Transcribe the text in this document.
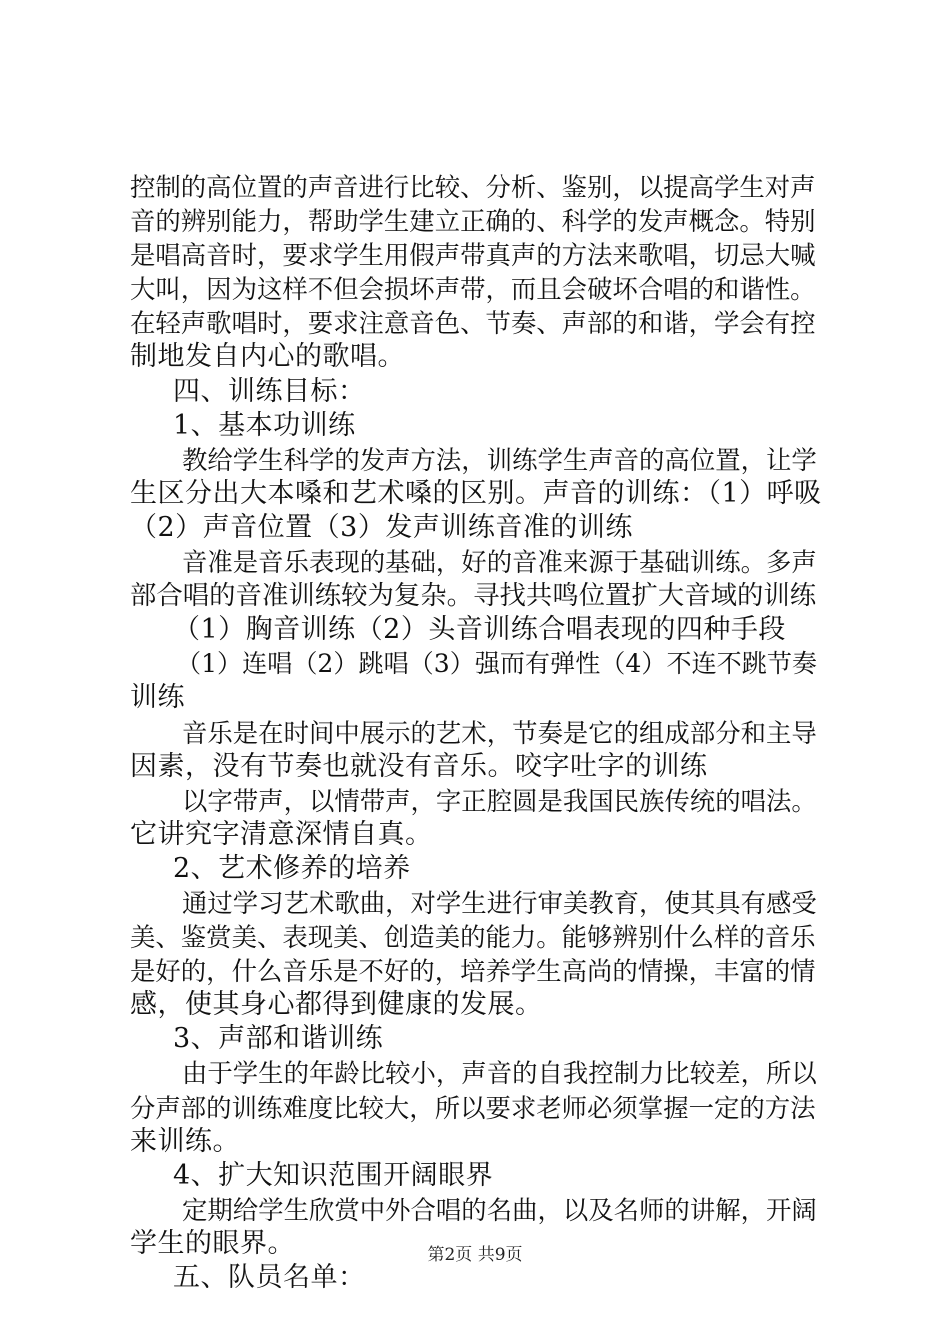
控制的高位置的声音进行比较、分析、鉴别，以提高学生对声
音的辨别能力，帮助学生建立正确的、科学的发声概念。特别
是唱高音时，要求学生用假声带真声的方法来歌唱，切忌大喊
大叫，因为这样不但会损坏声带，而且会破坏合唱的和谐性。
在轻声歌唱时，要求注意音色、节奏、声部的和谐，学会有控
制地发自内心的歌唱。
四、训练目标：
1、基本功训练
教给学生科学的发声方法，训练学生声音的高位置，让学
生区分出大本嗓和艺术嗓的区别。声音的训练：（1）呼吸
（2）声音位置（3）发声训练音准的训练
音准是音乐表现的基础，好的音准来源于基础训练。多声
部合唱的音准训练较为复杂。寻找共鸣位置扩大音域的训练
（1）胸音训练（2）头音训练合唱表现的四种手段
（1）连唱（2）跳唱（3）强而有弹性（4）不连不跳节奏
训练
音乐是在时间中展示的艺术，节奏是它的组成部分和主导
因素，没有节奏也就没有音乐。咬字吐字的训练
以字带声，以情带声，字正腔圆是我国民族传统的唱法。
它讲究字清意深情自真。
2、艺术修养的培养
通过学习艺术歌曲，对学生进行审美教育，使其具有感受
美、鉴赏美、表现美、创造美的能力。能够辨别什么样的音乐
是好的，什么音乐是不好的，培养学生高尚的情操，丰富的情
感，使其身心都得到健康的发展。
3、声部和谐训练
由于学生的年龄比较小，声音的自我控制力比较差，所以
分声部的训练难度比较大，所以要求老师必须掌握一定的方法
来训练。
4、扩大知识范围开阔眼界
定期给学生欣赏中外合唱的名曲，以及名师的讲解，开阔
学生的眼界。
五、队员名单：
第2页 共9页
